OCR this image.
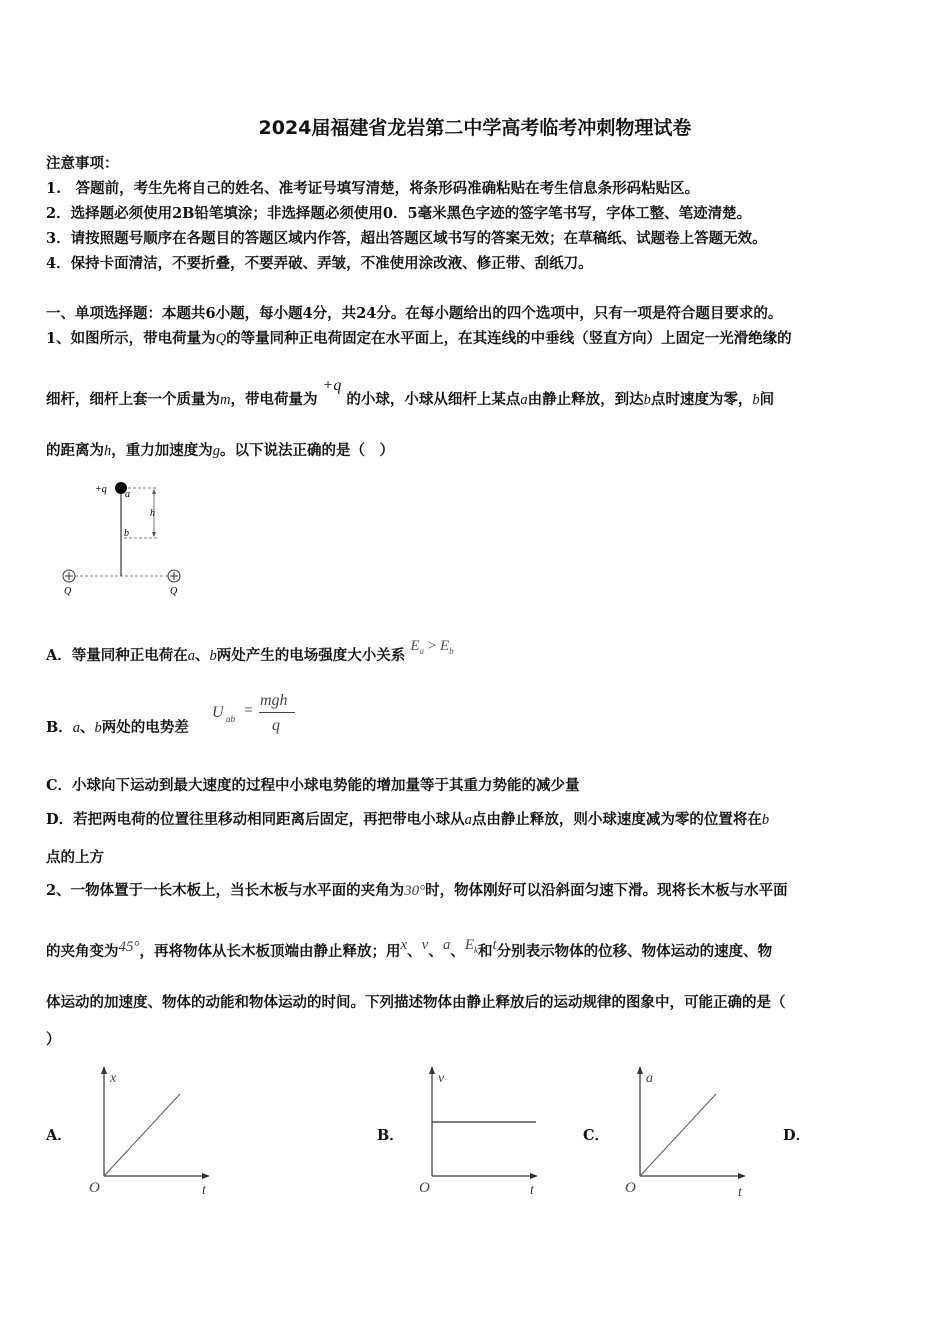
2024届福建省龙岩第二中学高考临考冲刺物理试卷
注意事项：
1.　答题前，考生先将自己的姓名、准考证号填写清楚，将条形码准确粘贴在考生信息条形码粘贴区。
2．选择题必须使用2B铅笔填涂；非选择题必须使用0．5毫米黑色字迹的签字笔书写，字体工整、笔迹清楚。
3．请按照题号顺序在各题目的答题区域内作答，超出答题区域书写的答案无效；在草稿纸、试题卷上答题无效。
4．保持卡面清洁，不要折叠，不要弄破、弄皱，不准使用涂改液、修正带、刮纸刀。
一、单项选择题：本题共6小题，每小题4分，共24分。在每小题给出的四个选项中，只有一项是符合题目要求的。
1、如图所示，带电荷量为Q的等量同种正电荷固定在水平面上，在其连线的中垂线（竖直方向）上固定一光滑绝缘的
细杆，细杆上套一个质量为m，带电荷量为 +q 的小球，小球从细杆上某点a由静止释放，到达b点时速度为零，b间
的距离为h，重力加速度为g。以下说法正确的是（　）
+q a
h
b
Q	Q
A．等量同种正电荷在a、b两处产生的电场强度大小关系 $E_a > E_b$
B．a、b两处的电势差
U ab =
mgh
q
C．小球向下运动到最大速度的过程中小球电势能的增加量等于其重力势能的减少量
D．若把两电荷的位置往里移动相同距离后固定，再把带电小球从a点由静止释放，则小球速度减为零的位置将在b
点的上方
2、一物体置于一长木板上，当长木板与水平面的夹角为30°时，物体刚好可以沿斜面匀速下滑。现将长木板与水平面
的夹角变为45°，再将物体从长木板顶端由静止释放；用x、v、a、$E_k$和t分别表示物体的位移、物体运动的速度、物
体运动的加速度、物体的动能和物体运动的时间。下列描述物体由静止释放后的运动规律的图象中，可能正确的是（
）
A．	B．	C．	D．
x
t
O
v
t
O
a
t
O
